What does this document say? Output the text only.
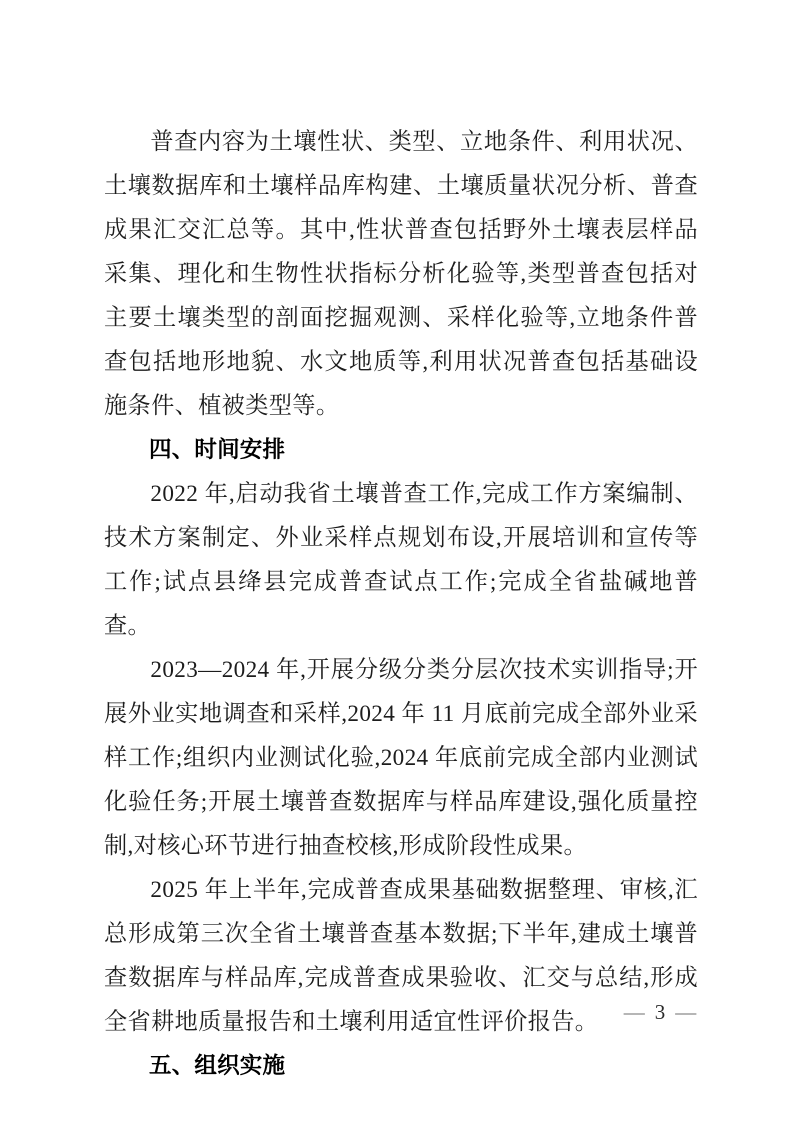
普查内容为土壤性状、类型、立地条件、利用状况、土壤数据库和土壤样品库构建、土壤质量状况分析、普查成果汇交汇总等。其中,性状普查包括野外土壤表层样品采集、理化和生物性状指标分析化验等,类型普查包括对主要土壤类型的剖面挖掘观测、采样化验等,立地条件普查包括地形地貌、水文地质等,利用状况普查包括基础设施条件、植被类型等。

四、时间安排

2022 年,启动我省土壤普查工作,完成工作方案编制、技术方案制定、外业采样点规划布设,开展培训和宣传等工作;试点县绛县完成普查试点工作;完成全省盐碱地普查。

2023—2024 年,开展分级分类分层次技术实训指导;开展外业实地调查和采样,2024 年 11 月底前完成全部外业采样工作;组织内业测试化验,2024 年底前完成全部内业测试化验任务;开展土壤普查数据库与样品库建设,强化质量控制,对核心环节进行抽查校核,形成阶段性成果。

2025 年上半年,完成普查成果基础数据整理、审核,汇总形成第三次全省土壤普查基本数据;下半年,建成土壤普查数据库与样品库,完成普查成果验收、汇交与总结,形成全省耕地质量报告和土壤利用适宜性评价报告。

五、组织实施
— 3 —
